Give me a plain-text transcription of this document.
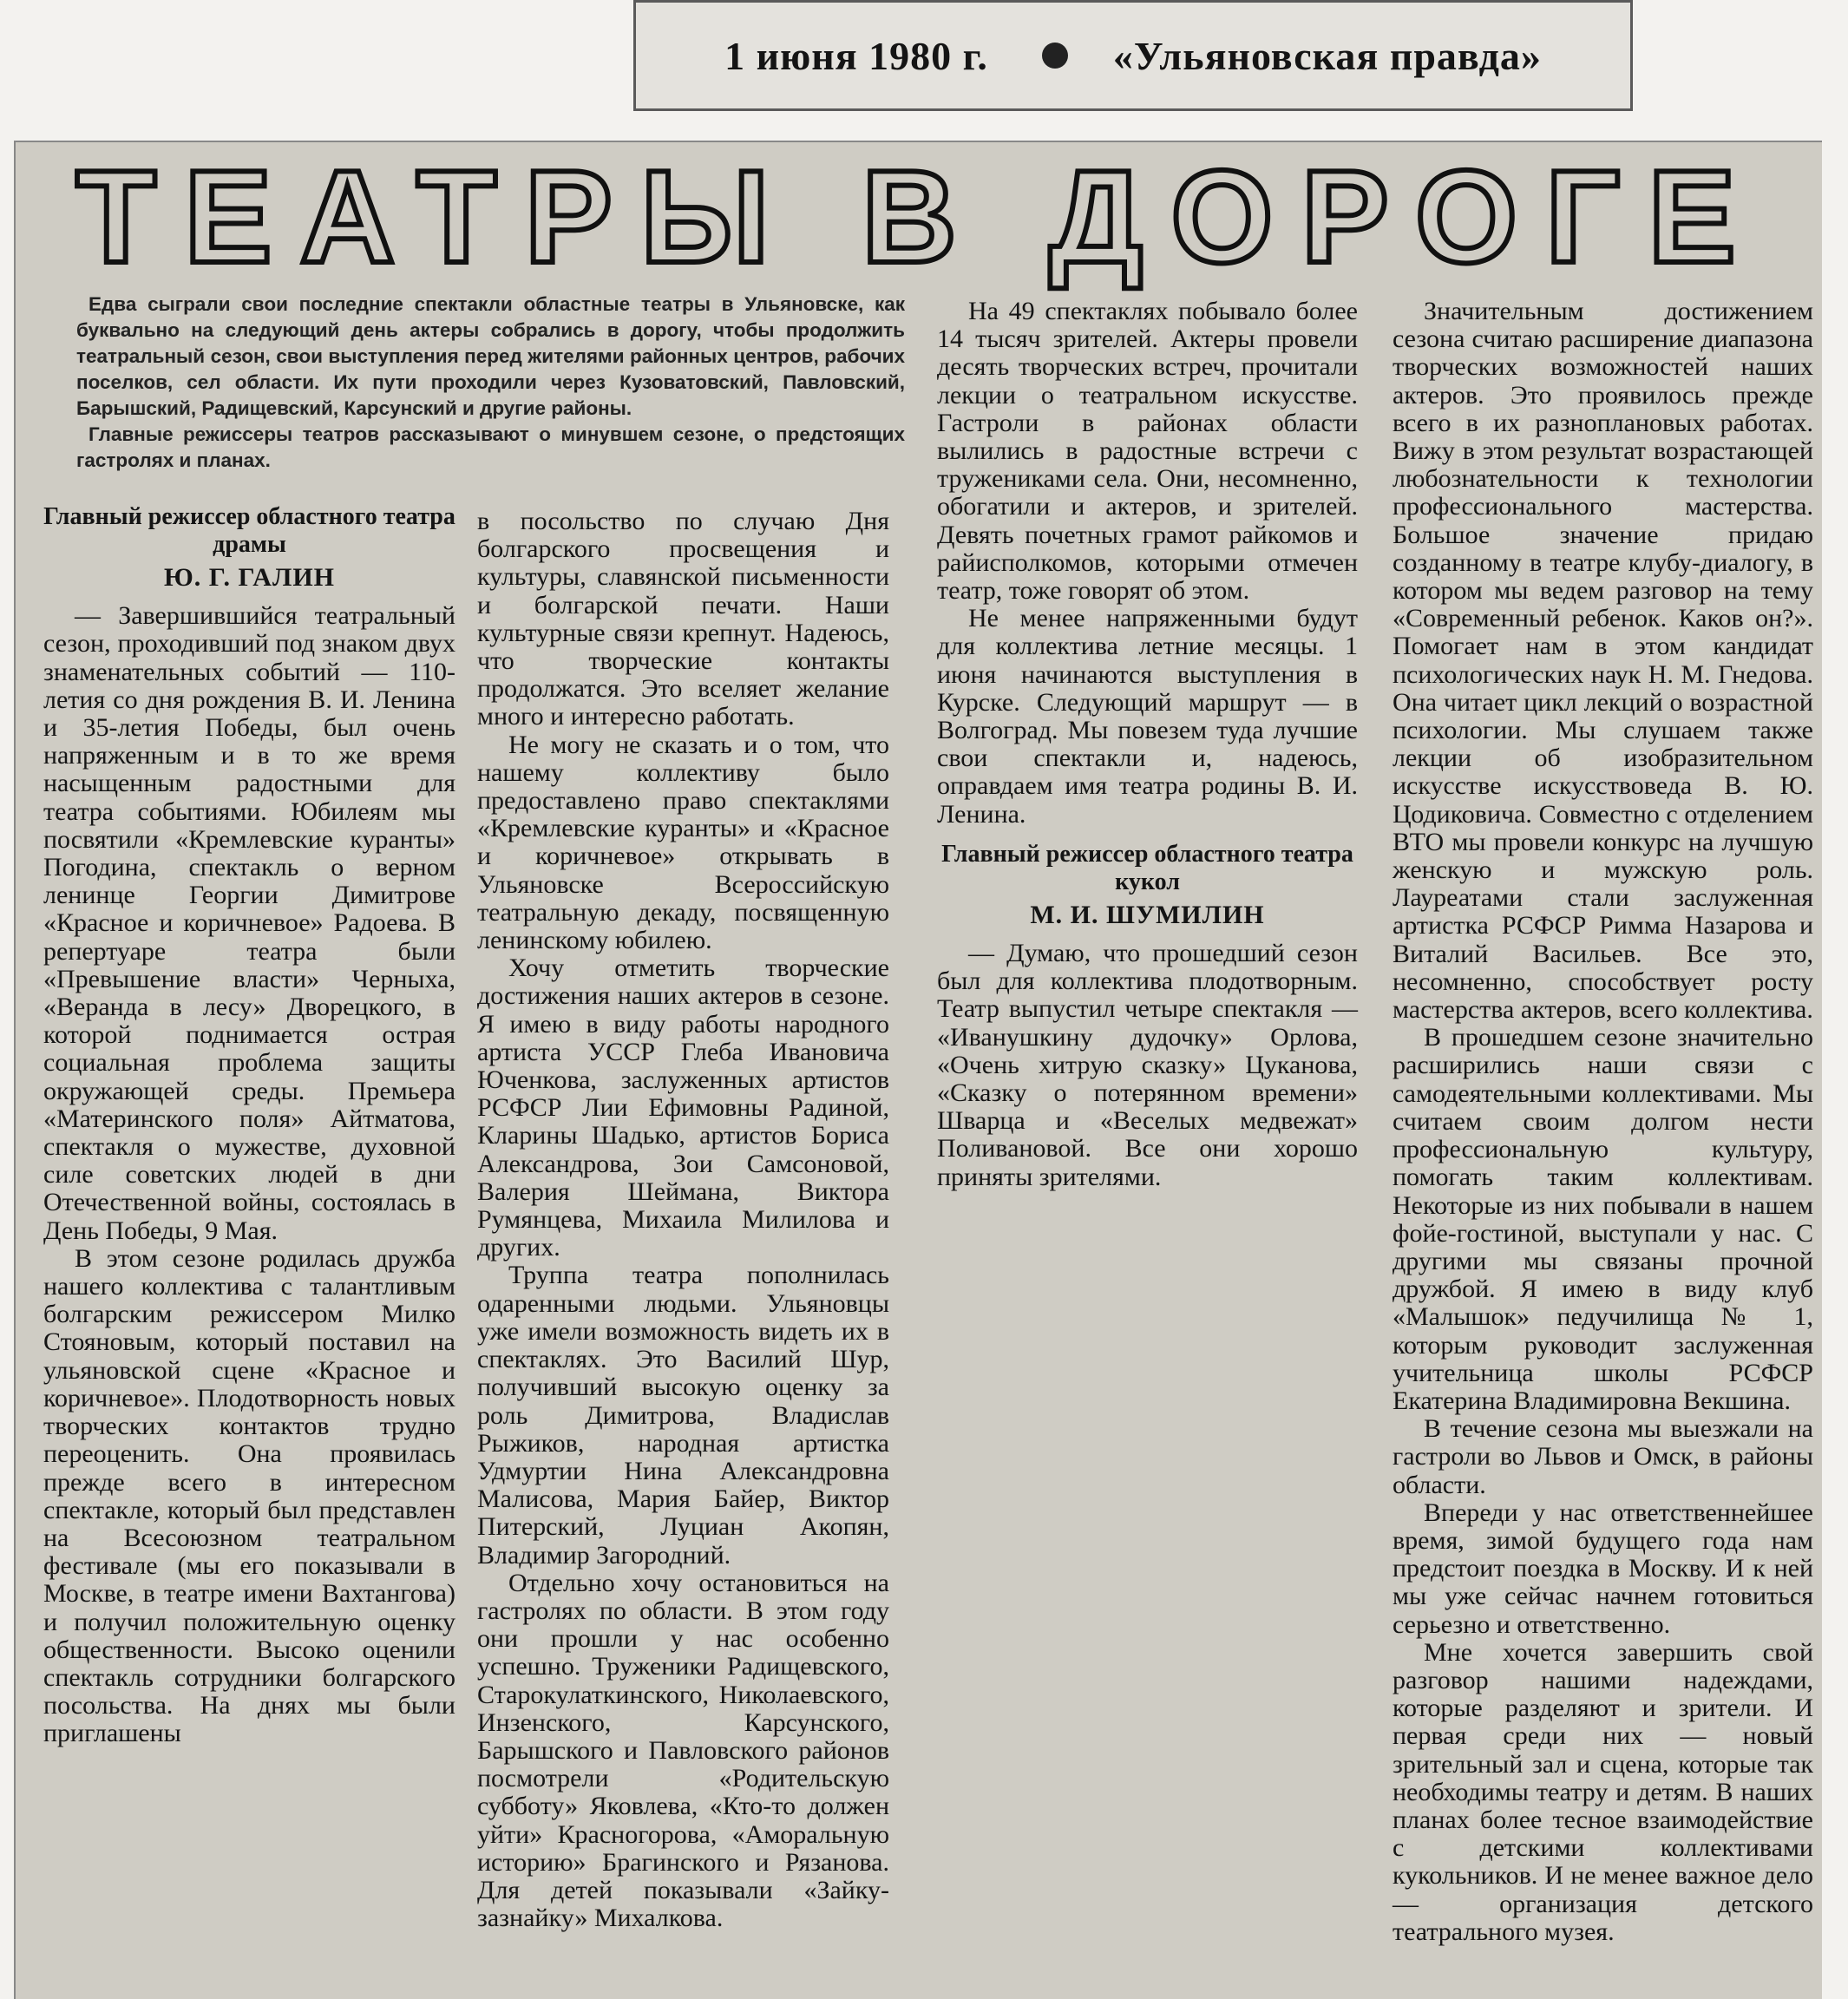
1 июня 1980 г.	«Ульяновская правда»
ТЕАТРЫ В ДОРОГЕ

Едва сыграли свои последние спектакли областные театры в Ульяновске, как буквально на следующий день актеры собрались в дорогу, чтобы продолжить театральный сезон, свои выступления перед жителями районных центров, рабочих поселков, сел области. Их пути проходили через Кузоватовский, Павловский, Барышский, Радищевский, Карсунский и другие районы.

Главные режиссеры театров рассказывают о минувшем сезоне, о предстоящих гастролях и планах.

Главный режиссер областного театра драмы

Ю. Г. ГАЛИН

— Завершившийся театральный сезон, проходивший под знаком двух знаменательных событий — 110-летия со дня рождения В. И. Ленина и 35-летия Победы, был очень напряженным и в то же время насыщенным радостными для театра событиями. Юбилеям мы посвятили «Кремлевские куранты» Погодина, спектакль о верном ленинце Георгии Димитрове «Красное и коричневое» Радоева. В репертуаре театра были «Превышение власти» Черныха, «Веранда в лесу» Дворецкого, в которой поднимается острая социальная проблема защиты окружающей среды. Премьера «Материнского поля» Айтматова, спектакля о мужестве, духовной силе советских людей в дни Отечественной войны, состоялась в День Победы, 9 Мая.

В этом сезоне родилась дружба нашего коллектива с талантливым болгарским режиссером Милко Стояновым, который поставил на ульяновской сцене «Красное и коричневое». Плодотворность новых творческих контактов трудно переоценить. Она проявилась прежде всего в интересном спектакле, который был представлен на Всесоюзном театральном фестивале (мы его показывали в Москве, в театре имени Вахтангова) и получил положительную оценку общественности. Высоко оценили спектакль сотрудники болгарского посольства. На днях мы были приглашены

в посольство по случаю Дня болгарского просвещения и культуры, славянской письменности и болгарской печати. Наши культурные связи крепнут. Надеюсь, что творческие контакты продолжатся. Это вселяет желание много и интересно работать.

Не могу не сказать и о том, что нашему коллективу было предоставлено право спектаклями «Кремлевские куранты» и «Красное и коричневое» открывать в Ульяновске Всероссийскую театральную декаду, посвященную ленинскому юбилею.

Хочу отметить творческие достижения наших актеров в сезоне. Я имею в виду работы народного артиста УССР Глеба Ивановича Юченкова, заслуженных артистов РСФСР Лии Ефимовны Радиной, Кларины Шадько, артистов Бориса Александрова, Зои Самсоновой, Валерия Шеймана, Виктора Румянцева, Михаила Милилова и других.

Труппа театра пополнилась одаренными людьми. Ульяновцы уже имели возможность видеть их в спектаклях. Это Василий Шур, получивший высокую оценку за роль Димитрова, Владислав Рыжиков, народная артистка Удмуртии Нина Александровна Малисова, Мария Байер, Виктор Питерский, Луциан Акопян, Владимир Загородний.

Отдельно хочу остановиться на гастролях по области. В этом году они прошли у нас особенно успешно. Труженики Радищевского, Старокулаткинского, Николаевского, Инзенского, Карсунского, Барышского и Павловского районов посмотрели «Родительскую субботу» Яковлева, «Кто-то должен уйти» Красногорова, «Аморальную историю» Брагинского и Рязанова. Для детей показывали «Зайку-зазнайку» Михалкова.

На 49 спектаклях побывало более 14 тысяч зрителей. Актеры провели десять творческих встреч, прочитали лекции о театральном искусстве. Гастроли в районах области вылились в радостные встречи с тружениками села. Они, несомненно, обогатили и актеров, и зрителей. Девять почетных грамот райкомов и райисполкомов, которыми отмечен театр, тоже говорят об этом.

Не менее напряженными будут для коллектива летние месяцы. 1 июня начинаются выступления в Курске. Следующий маршрут — в Волгоград. Мы повезем туда лучшие свои спектакли и, надеюсь, оправдаем имя театра родины В. И. Ленина.

Главный режиссер областного театра кукол

М. И. ШУМИЛИН

— Думаю, что прошедший сезон был для коллектива плодотворным. Театр выпустил четыре спектакля — «Иванушкину дудочку» Орлова, «Очень хитрую сказку» Цуканова, «Сказку о потерянном времени» Шварца и «Веселых медвежат» Поливановой. Все они хорошо приняты зрителями.

Значительным достижением сезона считаю расширение диапазона творческих возможностей наших актеров. Это проявилось прежде всего в их разноплановых работах. Вижу в этом результат возрастающей любознательности к технологии профессионального мастерства. Большое значение придаю созданному в театре клубу-диалогу, в котором мы ведем разговор на тему «Современный ребенок. Каков он?». Помогает нам в этом кандидат психологических наук Н. М. Гнедова. Она читает цикл лекций о возрастной психологии. Мы слушаем также лекции об изобразительном искусстве искусствоведа В. Ю. Цодиковича. Совместно с отделением ВТО мы провели конкурс на лучшую женскую и мужскую роль. Лауреатами стали заслуженная артистка РСФСР Римма Назарова и Виталий Васильев. Все это, несомненно, способствует росту мастерства актеров, всего коллектива.

В прошедшем сезоне значительно расширились наши связи с самодеятельными коллективами. Мы считаем своим долгом нести профессиональную культуру, помогать таким коллективам. Некоторые из них побывали в нашем фойе-гостиной, выступали у нас. С другими мы связаны прочной дружбой. Я имею в виду клуб «Малышок» педучилища № 1, которым руководит заслуженная учительница школы РСФСР Екатерина Владимировна Векшина.

В течение сезона мы выезжали на гастроли во Львов и Омск, в районы области.

Впереди у нас ответственнейшее время, зимой будущего года нам предстоит поездка в Москву. И к ней мы уже сейчас начнем готовиться серьезно и ответственно.

Мне хочется завершить свой разговор нашими надеждами, которые разделяют и зрители. И первая среди них — новый зрительный зал и сцена, которые так необходимы театру и детям. В наших планах более тесное взаимодействие с детскими коллективами кукольников. И не менее важное дело — организация детского театрального музея.
